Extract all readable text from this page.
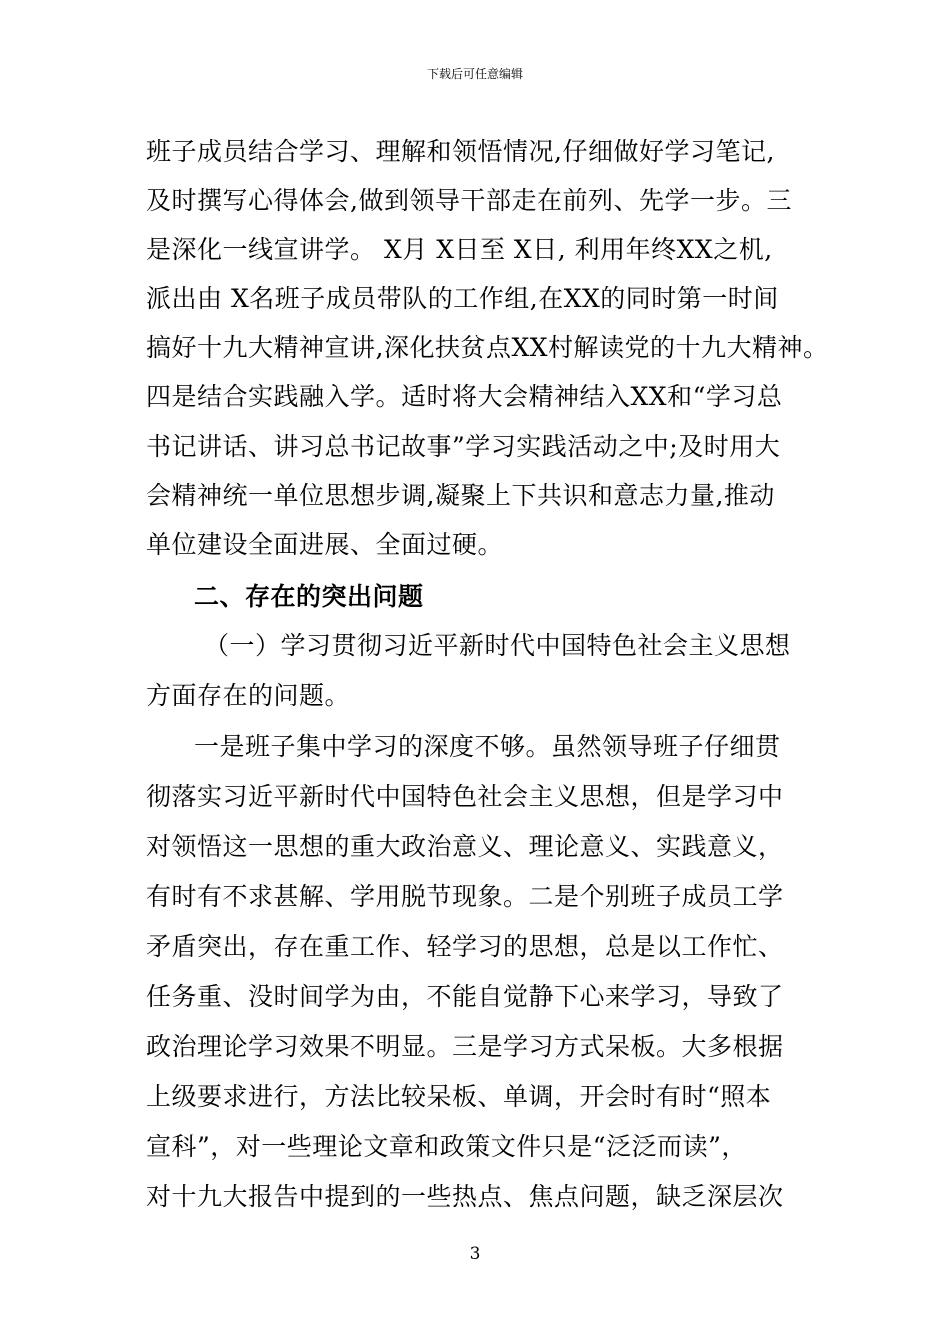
下载后可任意编辑
班子成员结合学习、理解和领悟情况,仔细做好学习笔记,
及时撰写心得体会,做到领导干部走在前列、先学一步。三
是深化一线宣讲学。 X月 X日至 X日, 利用年终XX之机,
派出由 X名班子成员带队的工作组,在XX的同时第一时间
搞好十九大精神宣讲,深化扶贫点XX村解读党的十九大精神。
四是结合实践融入学。适时将大会精神结入XX和“学习总
书记讲话、讲习总书记故事”学习实践活动之中;及时用大
会精神统一单位思想步调,凝聚上下共识和意志力量,推动
单位建设全面进展、全面过硬。
二、存在的突出问题
（一）学习贯彻习近平新时代中国特色社会主义思想
方面存在的问题。
一是班子集中学习的深度不够。虽然领导班子仔细贯
彻落实习近平新时代中国特色社会主义思想，但是学习中
对领悟这一思想的重大政治意义、理论意义、实践意义，
有时有不求甚解、学用脱节现象。二是个别班子成员工学
矛盾突出，存在重工作、轻学习的思想，总是以工作忙、
任务重、没时间学为由，不能自觉静下心来学习，导致了
政治理论学习效果不明显。三是学习方式呆板。大多根据
上级要求进行，方法比较呆板、单调，开会时有时“照本
宣科”，对一些理论文章和政策文件只是“泛泛而读”，
对十九大报告中提到的一些热点、焦点问题，缺乏深层次
3
